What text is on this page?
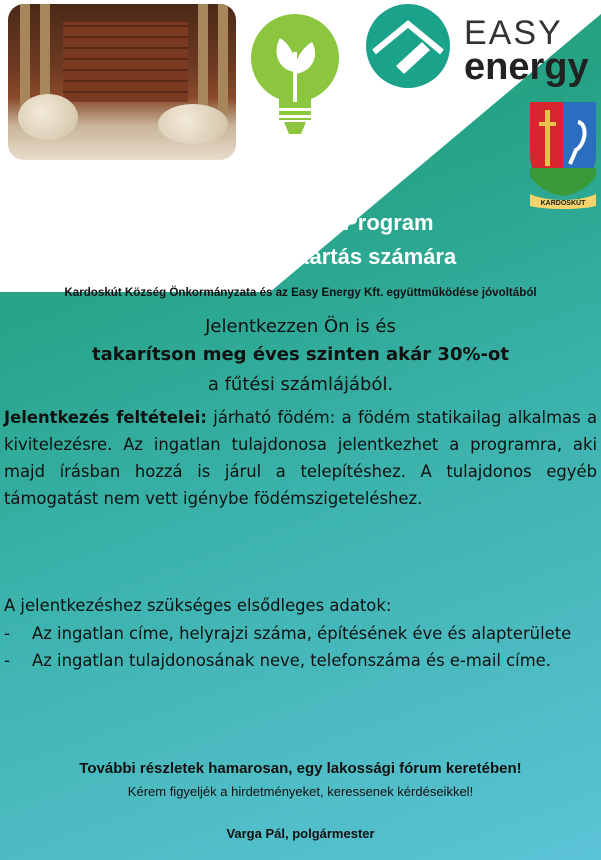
EASY
energy
KARDOSKÚT
Ingyenes
Padlásfödém Szigetelés Program
minden kardoskúti háztartás számára
Kardoskút Község Önkormányzata és az Easy Energy Kft. együttműködése jóvoltából
Jelentkezzen Ön is és
takarítson meg éves szinten akár 30%-ot
a fűtési számlájából.
Jelentkezés feltételei: járható födém: a födém statikailag alkalmas a kivitelezésre. Az ingatlan tulajdonosa jelentkezhet a programra, aki majd írásban hozzá is járul a telepítéshez. A tulajdonos egyéb támogatást nem vett igénybe födémszigeteléshez.
A jelentkezéshez szükséges elsődleges adatok:
- Az ingatlan címe, helyrajzi száma, építésének éve és alapterülete
- Az ingatlan tulajdonosának neve, telefonszáma és e-mail címe.
További részletek hamarosan, egy lakossági fórum keretében!
Kérem figyeljék a hirdetményeket, keressenek kérdéseikkel!
Varga Pál, polgármester
